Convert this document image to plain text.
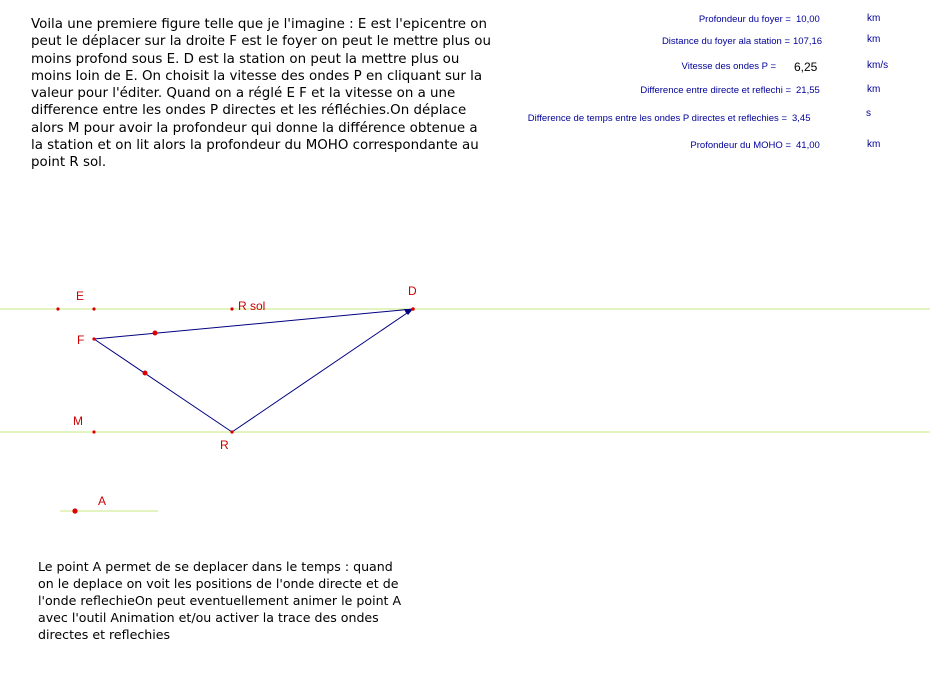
Voila une premiere figure telle que je l'imagine : E est l'epicentre on
peut le déplacer sur la droite F est le foyer on peut le mettre plus ou
moins profond sous E. D est la station on peut la mettre plus ou
moins loin de E. On choisit la vitesse des ondes P en cliquant sur la
valeur pour l'éditer. Quand on a réglé E F et la vitesse on a une
difference entre les ondes P directes et les réfléchies.On déplace
alors M pour avoir la profondeur qui donne la différence obtenue a
la station et on lit alors la profondeur du MOHO correspondante au
point R sol.
Profondeur du foyer = 10,00	km
Distance du foyer ala station = 107,16	km
Vitesse des ondes P =	6,25	km/s
Difference entre directe et reflechi = 21,55	km
Difference de temps entre les ondes P directes et reflechies = 3,45	s
Profondeur du MOHO = 41,00	km
E
R sol
D
F
M
R
A
Le point A permet de se deplacer dans le temps : quand
on le deplace on voit les positions de l'onde directe et de
l'onde reflechieOn peut eventuellement animer le point A
avec l'outil Animation et/ou activer la trace des ondes
directes et reflechies
